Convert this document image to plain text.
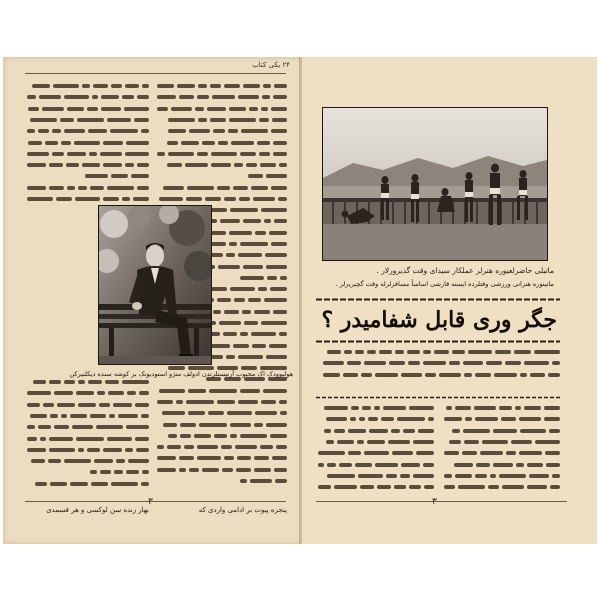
۲۴ یکی کتاب
هولیوودک اک محبوب آرتیستلرندن ادولف منژو استودیونک بر کوشه سنده ديکلنيرکن
پنجره پیوت بر ادامی واردی که
بهار زنده سن لوکسی و هر قسمدی
۳
ماتیلی حاضرلعیوره هنرلر عملکار سیدای وقت گذیرورلار .
ماتینوره هنرانی ورزشی وقتلرده ایسته قارشی اساساً مسافرلرله وقت گچیریرلر .
جگر وری قابل شفامیدر ؟
۳
